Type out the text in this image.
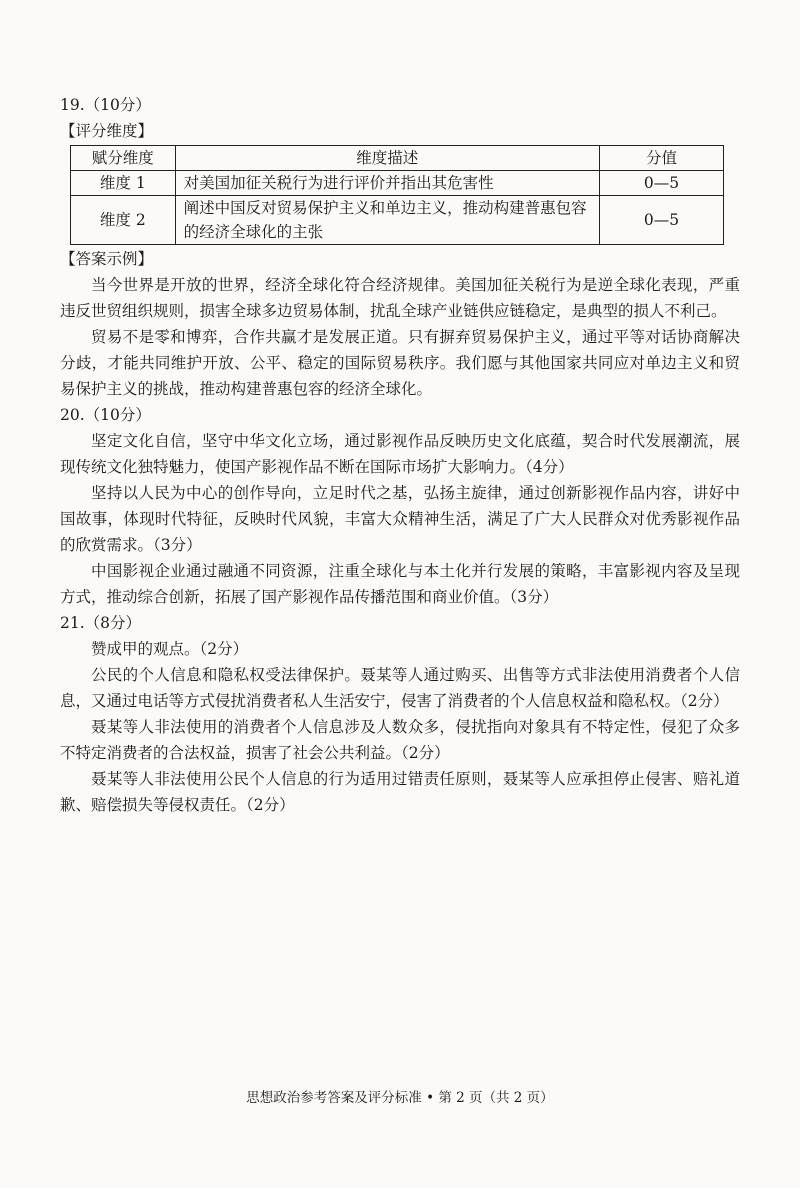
19.（10分）

【评分维度】

赋分维度	维度描述	分值
维度 1	对美国加征关税行为进行评价并指出其危害性	0—5
维度 2	阐述中国反对贸易保护主义和单边主义，推动构建普惠包容的经济全球化的主张	0—5

【答案示例】

当今世界是开放的世界，经济全球化符合经济规律。美国加征关税行为是逆全球化表现，严重违反世贸组织规则，损害全球多边贸易体制，扰乱全球产业链供应链稳定，是典型的损人不利己。

贸易不是零和博弈，合作共赢才是发展正道。只有摒弃贸易保护主义，通过平等对话协商解决分歧，才能共同维护开放、公平、稳定的国际贸易秩序。我们愿与其他国家共同应对单边主义和贸易保护主义的挑战，推动构建普惠包容的经济全球化。

20.（10分）

坚定文化自信，坚守中华文化立场，通过影视作品反映历史文化底蕴，契合时代发展潮流，展现传统文化独特魅力，使国产影视作品不断在国际市场扩大影响力。（4分）

坚持以人民为中心的创作导向，立足时代之基，弘扬主旋律，通过创新影视作品内容，讲好中国故事，体现时代特征，反映时代风貌，丰富大众精神生活，满足了广大人民群众对优秀影视作品的欣赏需求。（3分）

中国影视企业通过融通不同资源，注重全球化与本土化并行发展的策略，丰富影视内容及呈现方式，推动综合创新，拓展了国产影视作品传播范围和商业价值。（3分）

21.（8分）

赞成甲的观点。（2分）

公民的个人信息和隐私权受法律保护。聂某等人通过购买、出售等方式非法使用消费者个人信息，又通过电话等方式侵扰消费者私人生活安宁，侵害了消费者的个人信息权益和隐私权。（2分）

聂某等人非法使用的消费者个人信息涉及人数众多，侵扰指向对象具有不特定性，侵犯了众多不特定消费者的合法权益，损害了社会公共利益。（2分）

聂某等人非法使用公民个人信息的行为适用过错责任原则，聂某等人应承担停止侵害、赔礼道歉、赔偿损失等侵权责任。（2分）

思想政治参考答案及评分标准 • 第 2 页（共 2 页）
